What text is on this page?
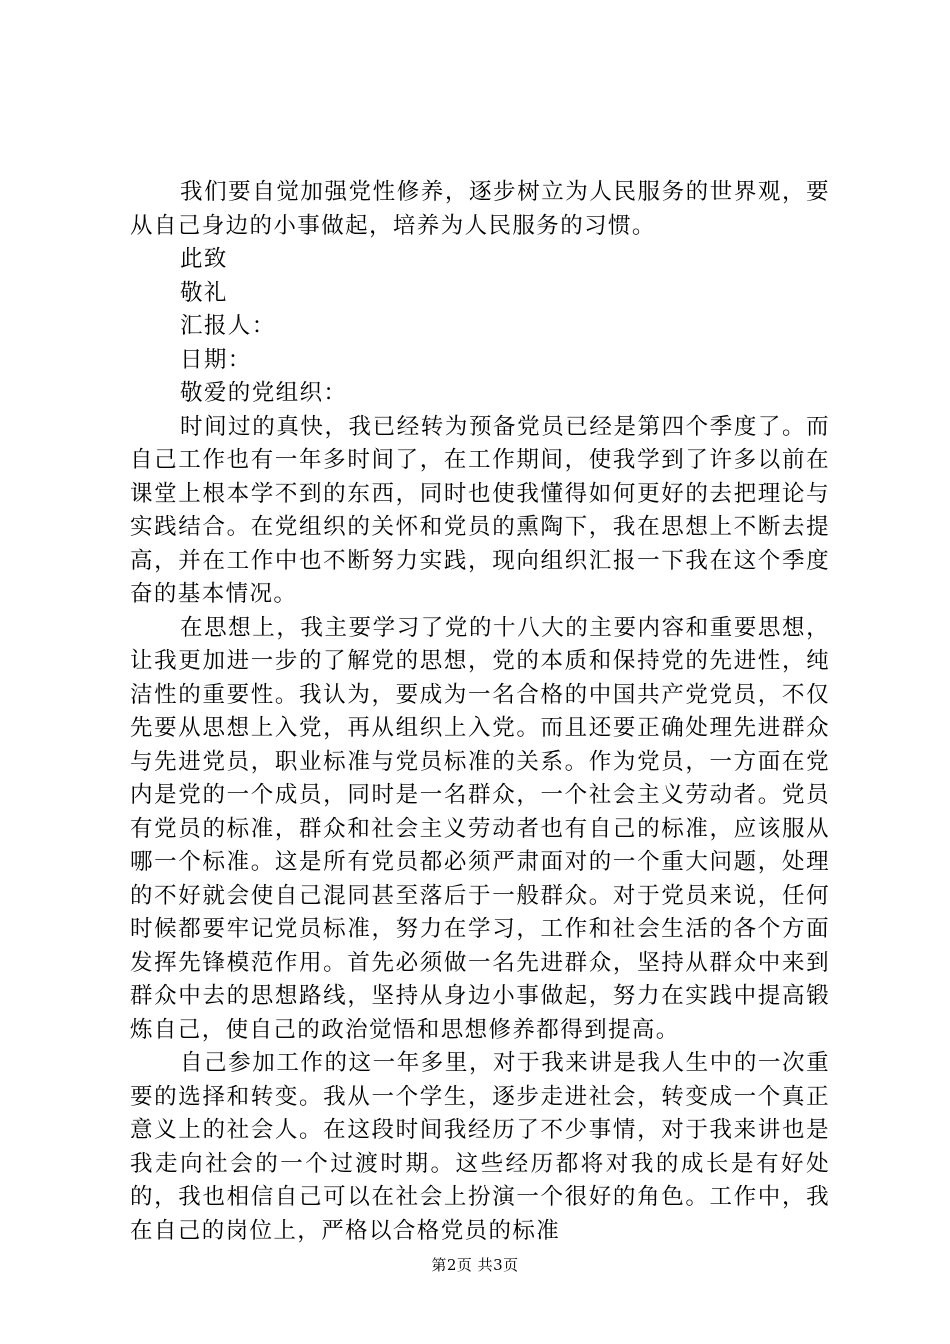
我们要自觉加强党性修养，逐步树立为人民服务的世界观，要从自己身边的小事做起，培养为人民服务的习惯。

此致

敬礼

汇报人：

日期：

敬爱的党组织：

时间过的真快，我已经转为预备党员已经是第四个季度了。而自己工作也有一年多时间了，在工作期间，使我学到了许多以前在课堂上根本学不到的东西，同时也使我懂得如何更好的去把理论与实践结合。在党组织的关怀和党员的熏陶下，我在思想上不断去提高，并在工作中也不断努力实践，现向组织汇报一下我在这个季度奋的基本情况。

在思想上，我主要学习了党的十八大的主要内容和重要思想，让我更加进一步的了解党的思想，党的本质和保持党的先进性，纯洁性的重要性。我认为，要成为一名合格的中国共产党党员，不仅先要从思想上入党，再从组织上入党。而且还要正确处理先进群众与先进党员，职业标准与党员标准的关系。作为党员，一方面在党内是党的一个成员，同时是一名群众，一个社会主义劳动者。党员有党员的标准，群众和社会主义劳动者也有自己的标准，应该服从哪一个标准。这是所有党员都必须严肃面对的一个重大问题，处理的不好就会使自己混同甚至落后于一般群众。对于党员来说，任何时候都要牢记党员标准，努力在学习，工作和社会生活的各个方面发挥先锋模范作用。首先必须做一名先进群众，坚持从群众中来到群众中去的思想路线，坚持从身边小事做起，努力在实践中提高锻炼自己，使自己的政治觉悟和思想修养都得到提高。

自己参加工作的这一年多里，对于我来讲是我人生中的一次重要的选择和转变。我从一个学生，逐步走进社会，转变成一个真正意义上的社会人。在这段时间我经历了不少事情，对于我来讲也是我走向社会的一个过渡时期。这些经历都将对我的成长是有好处的，我也相信自己可以在社会上扮演一个很好的角色。工作中，我在自己的岗位上，严格以合格党员的标准

第2页 共3页
